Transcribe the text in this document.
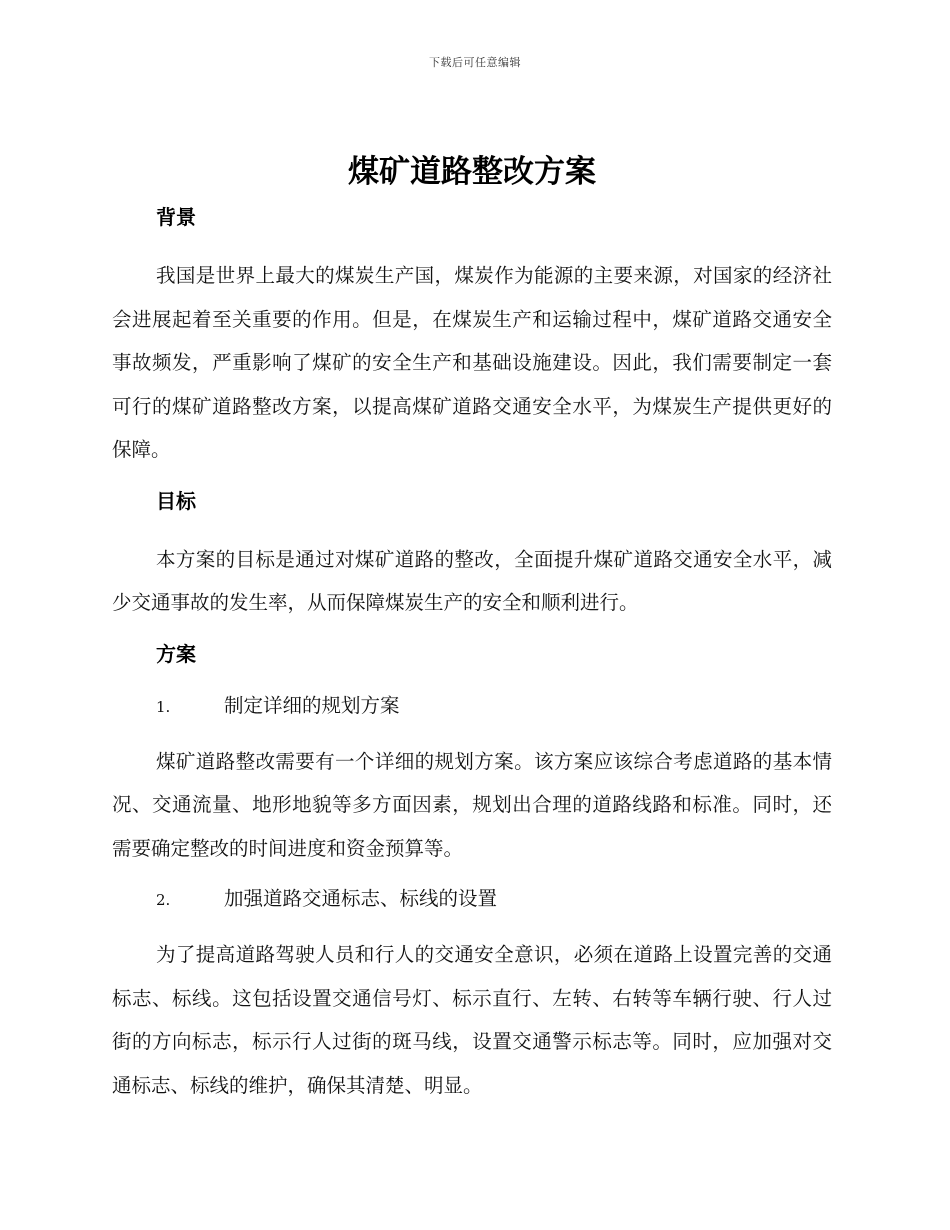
下载后可任意编辑
煤矿道路整改方案
背景

我国是世界上最大的煤炭生产国，煤炭作为能源的主要来源，对国家的经济社会进展起着至关重要的作用。但是，在煤炭生产和运输过程中，煤矿道路交通安全事故频发，严重影响了煤矿的安全生产和基础设施建设。因此，我们需要制定一套可行的煤矿道路整改方案，以提高煤矿道路交通安全水平，为煤炭生产提供更好的保障。

目标

本方案的目标是通过对煤矿道路的整改，全面提升煤矿道路交通安全水平，减少交通事故的发生率，从而保障煤炭生产的安全和顺利进行。

方案
1.	制定详细的规划方案

煤矿道路整改需要有一个详细的规划方案。该方案应该综合考虑道路的基本情况、交通流量、地形地貌等多方面因素，规划出合理的道路线路和标准。同时，还需要确定整改的时间进度和资金预算等。

2.	加强道路交通标志、标线的设置

为了提高道路驾驶人员和行人的交通安全意识，必须在道路上设置完善的交通标志、标线。这包括设置交通信号灯、标示直行、左转、右转等车辆行驶、行人过街的方向标志，标示行人过街的斑马线，设置交通警示标志等。同时，应加强对交通标志、标线的维护，确保其清楚、明显。
